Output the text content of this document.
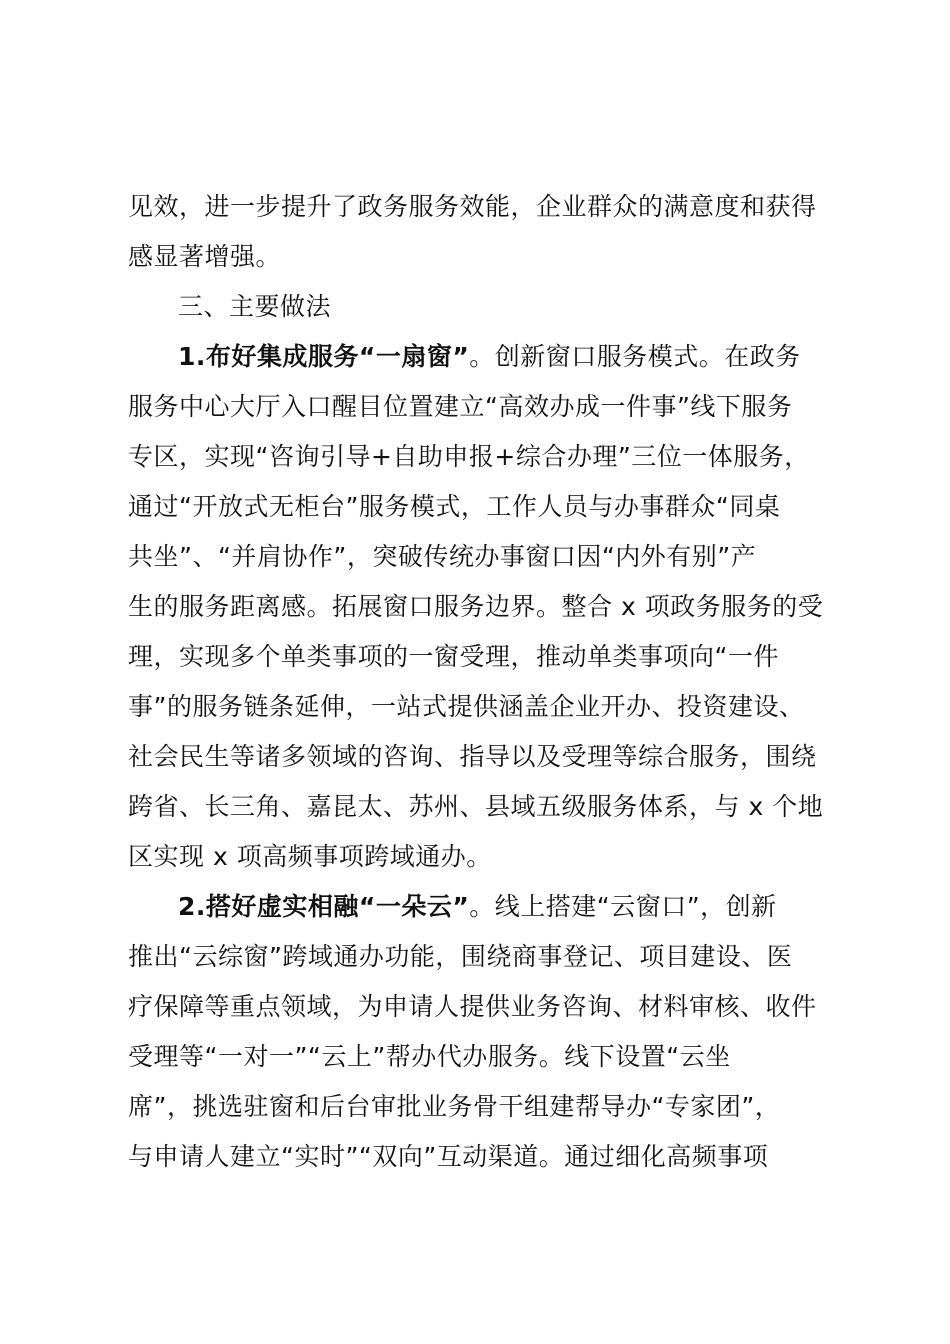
见效，进一步提升了政务服务效能，企业群众的满意度和获得
感显著增强。
三、主要做法
1.布好集成服务“一扇窗”。创新窗口服务模式。在政务
服务中心大厅入口醒目位置建立“高效办成一件事”线下服务
专区，实现“咨询引导+自助申报+综合办理”三位一体服务，
通过“开放式无柜台”服务模式，工作人员与办事群众“同桌
共坐”、“并肩协作”，突破传统办事窗口因“内外有别”产
生的服务距离感。拓展窗口服务边界。整合 x 项政务服务的受
理，实现多个单类事项的一窗受理，推动单类事项向“一件
事”的服务链条延伸，一站式提供涵盖企业开办、投资建设、
社会民生等诸多领域的咨询、指导以及受理等综合服务，围绕
跨省、长三角、嘉昆太、苏州、县域五级服务体系，与 x 个地
区实现 x 项高频事项跨域通办。
2.搭好虚实相融“一朵云”。线上搭建“云窗口”，创新
推出“云综窗”跨域通办功能，围绕商事登记、项目建设、医
疗保障等重点领域，为申请人提供业务咨询、材料审核、收件
受理等“一对一”“云上”帮办代办服务。线下设置“云坐
席”，挑选驻窗和后台审批业务骨干组建帮导办“专家团”，
与申请人建立“实时”“双向”互动渠道。通过细化高频事项
